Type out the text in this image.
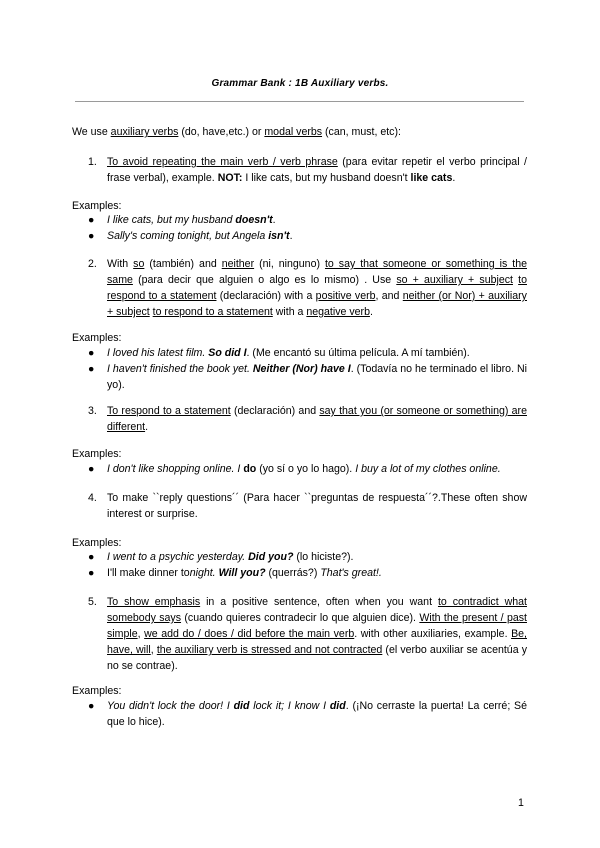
Grammar Bank : 1B Auxiliary verbs.
We use auxiliary verbs (do, have,etc.) or modal verbs (can, must, etc):
1. To avoid repeating the main verb / verb phrase (para evitar repetir el verbo principal / frase verbal), example. NOT: I like cats, but my husband doesn't like cats.
Examples:
●	I like cats, but my husband doesn't.
●	Sally's coming tonight, but Angela isn't.
2. With so (también) and neither (ni, ninguno) to say that someone or something is the same (para decir que alguien o algo es lo mismo) . Use so + auxiliary + subject to respond to a statement (declaración) with a positive verb, and neither (or Nor) + auxiliary + subject to respond to a statement with a negative verb.
Examples:
●	I loved his latest film. So did I. (Me encantó su última película. A mí también).
●	I haven't finished the book yet. Neither (Nor) have I. (Todavía no he terminado el libro. Ni yo).
3. To respond to a statement (declaración) and say that you (or someone or something) are different.
Examples:
●	I don't like shopping online. I do (yo sí o yo lo hago). I buy a lot of my clothes online.
4. To make ``reply questions´´ (Para hacer ``preguntas de respuesta´´?.These often show interest or surprise.
Examples:
●	I went to a psychic yesterday. Did you? (lo hiciste?).
●	I'll make dinner tonight. Will you? (querrás?) That's great!.
5. To show emphasis in a positive sentence, often when you want to contradict what somebody says (cuando quieres contradecir lo que alguien dice). With the present / past simple, we add do / does / did before the main verb. with other auxiliaries, example. Be, have, will, the auxiliary verb is stressed and not contracted (el verbo auxiliar se acentúa y no se contrae).
Examples:
●	You didn't lock the door! I did lock it; I know I did. (¡No cerraste la puerta! La cerré; Sé que lo hice).
1
